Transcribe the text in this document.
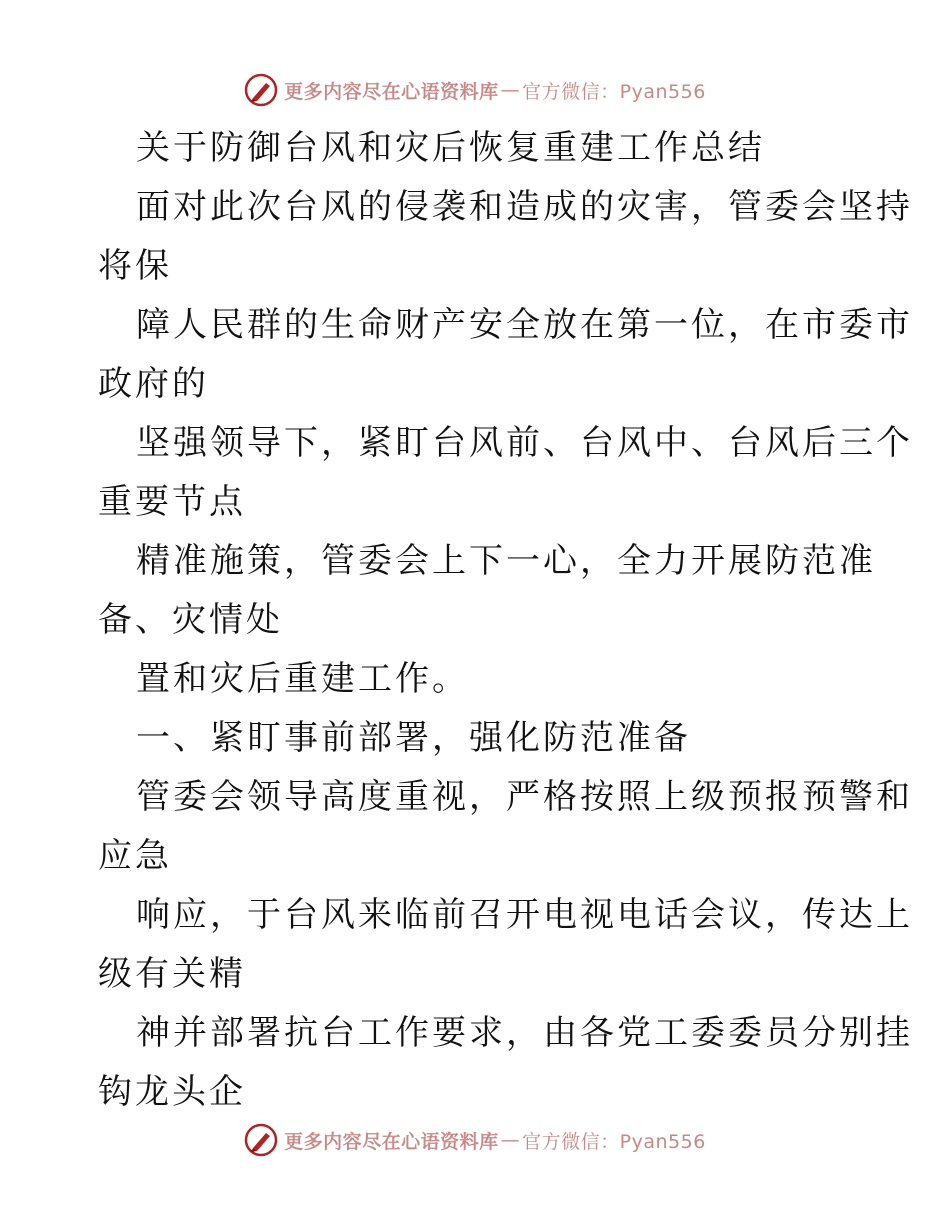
更多内容尽在心语资料库 — 官方微信：Pyan556
关于防御台风和灾后恢复重建工作总结
面对此次台风的侵袭和造成的灾害，管委会坚持
将保
障人民群的生命财产安全放在第一位，在市委市
政府的
坚强领导下，紧盯台风前、台风中、台风后三个
重要节点
精准施策，管委会上下一心，全力开展防范准
备、灾情处
置和灾后重建工作。
一、紧盯事前部署，强化防范准备
管委会领导高度重视，严格按照上级预报预警和
应急
响应，于台风来临前召开电视电话会议，传达上
级有关精
神并部署抗台工作要求，由各党工委委员分别挂
钩龙头企
更多内容尽在心语资料库 — 官方微信：Pyan556
